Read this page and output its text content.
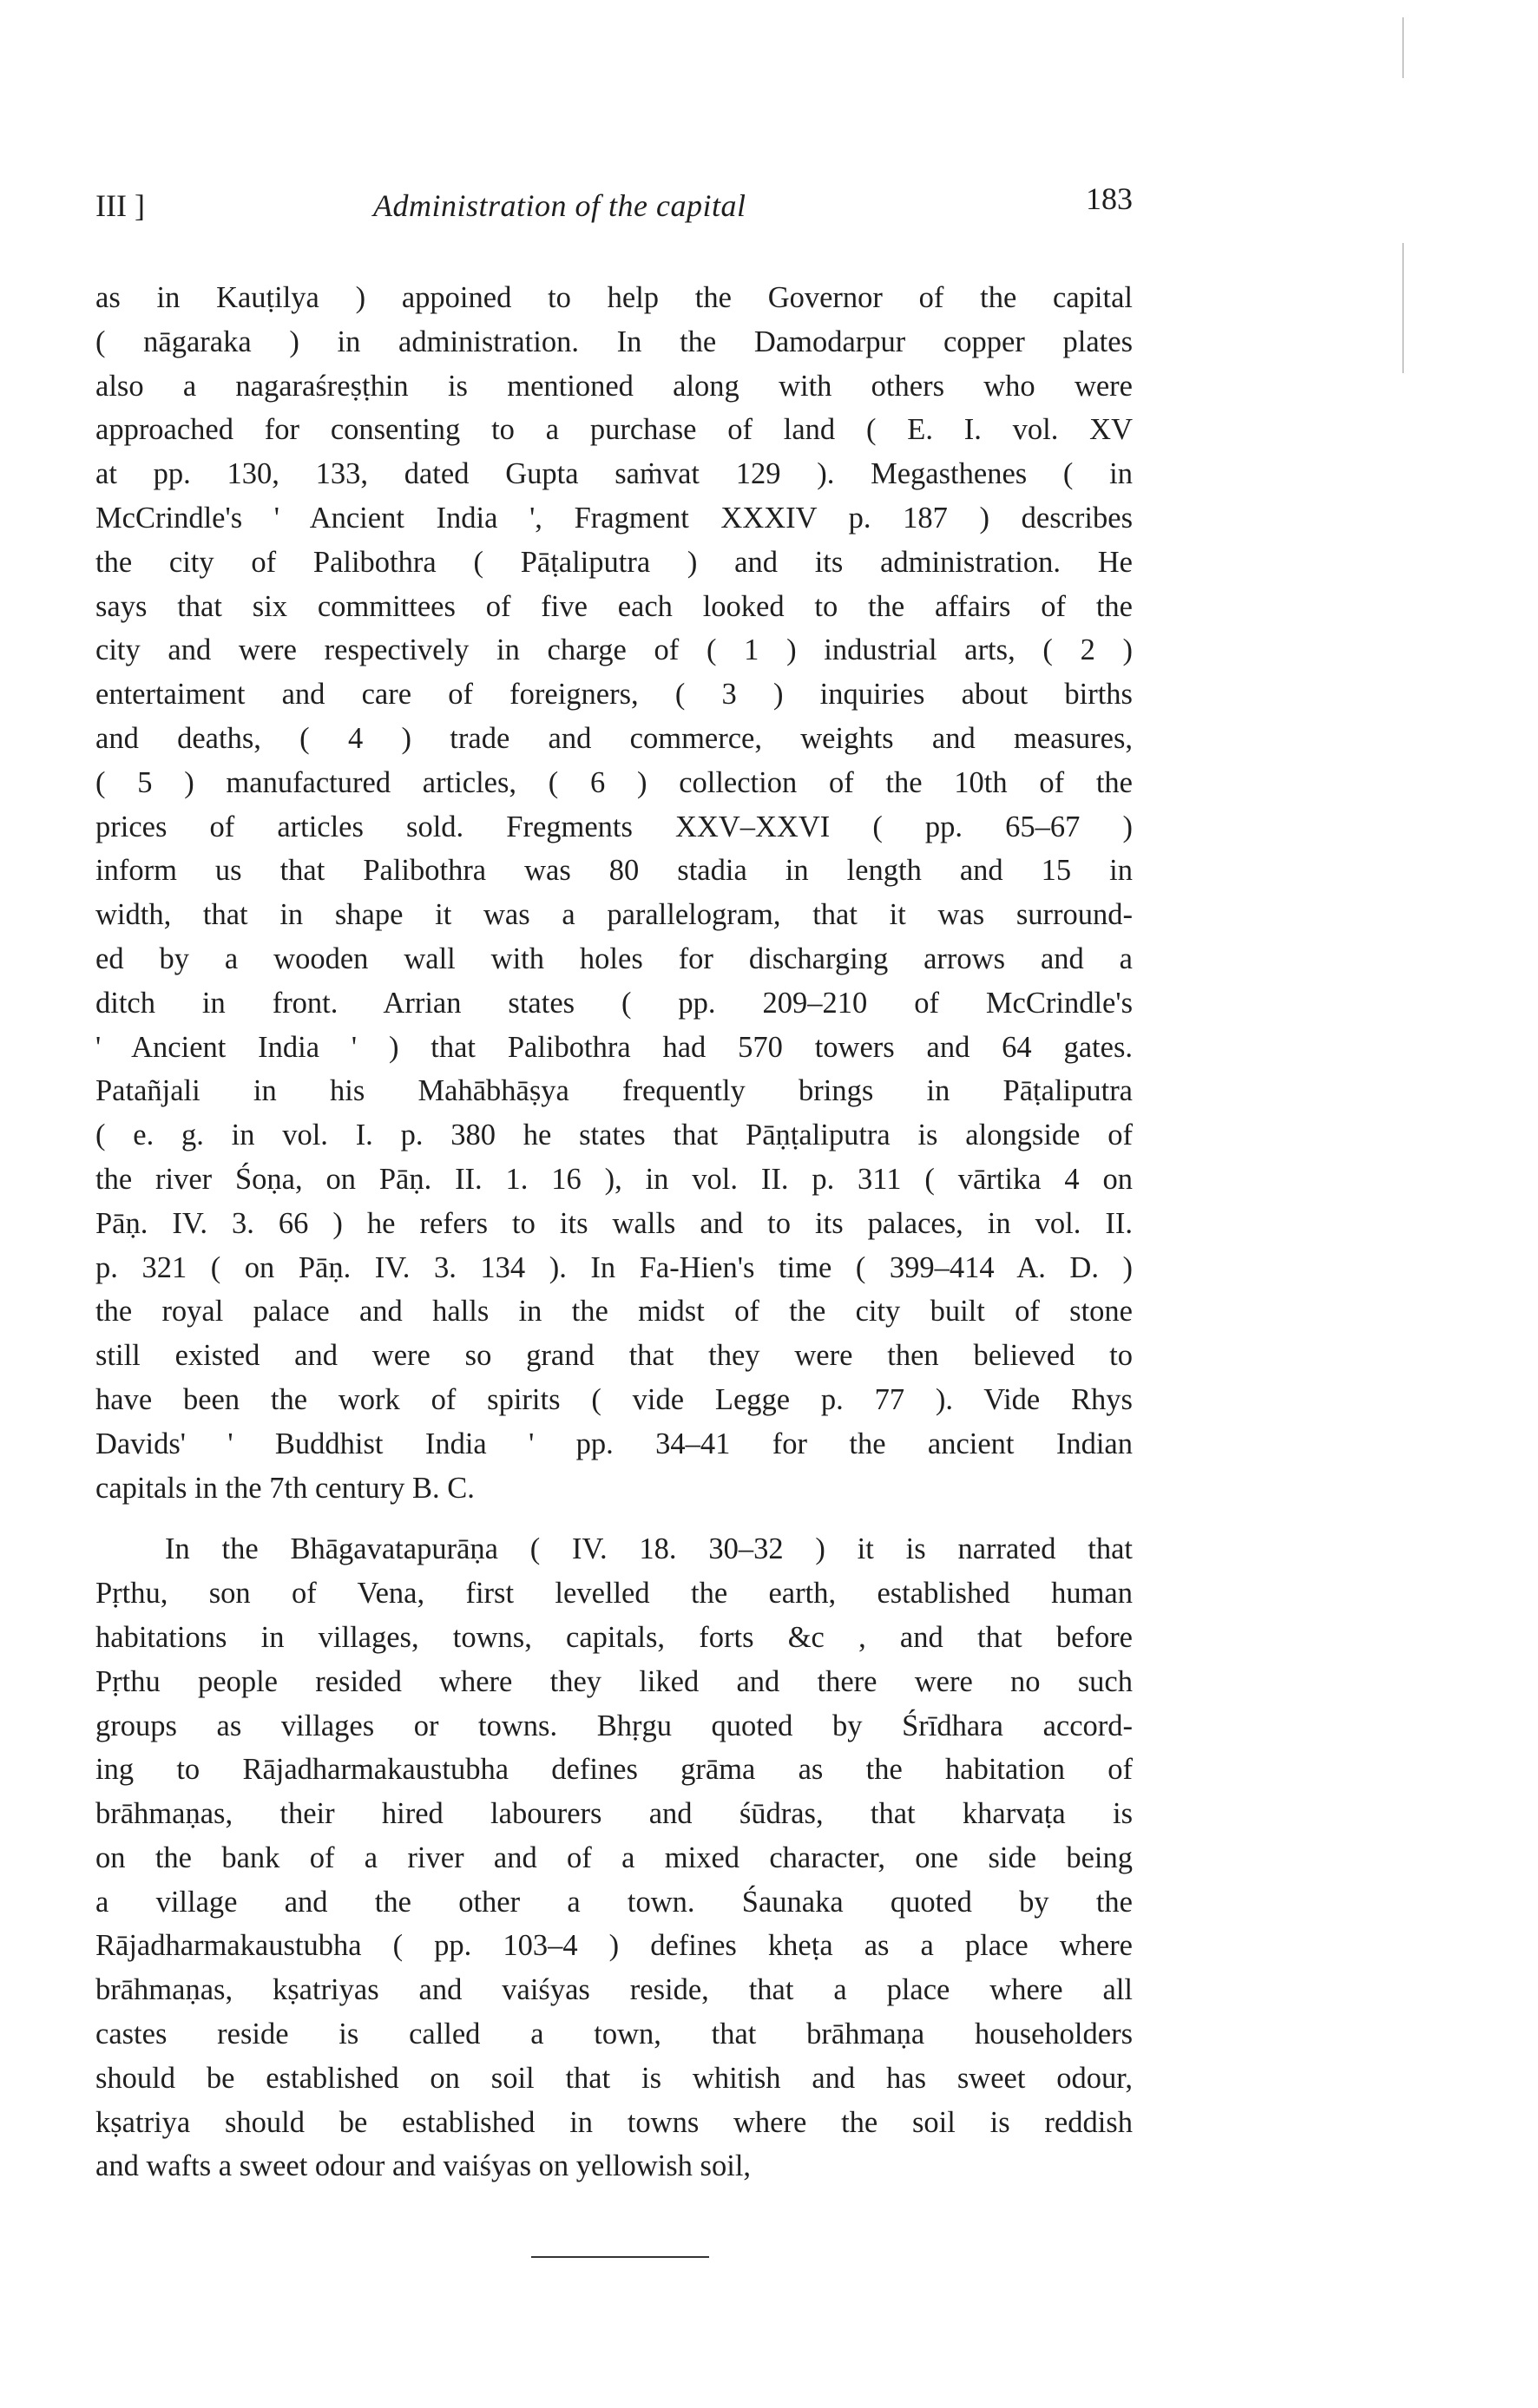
III ]	Administration of the capital	183
as in Kauṭilya ) appoined to help the Governor of the capital
( nāgaraka ) in administration. In the Damodarpur copper plates
also a nagaraśreṣṭhin is mentioned along with others who were
approached for consenting to a purchase of land ( E. I. vol. XV
at pp. 130, 133, dated Gupta saṁvat 129 ). Megasthenes ( in
McCrindle's ' Ancient India ', Fragment XXXIV p. 187 ) describes
the city of Palibothra ( Pāṭaliputra ) and its administration. He
says that six committees of five each looked to the affairs of the
city and were respectively in charge of ( 1 ) industrial arts, ( 2 )
entertaiment and care of foreigners, ( 3 ) inquiries about births
and deaths, ( 4 ) trade and commerce, weights and measures,
( 5 ) manufactured articles, ( 6 ) collection of the 10th of the
prices of articles sold. Fregments XXV–XXVI ( pp. 65–67 )
inform us that Palibothra was 80 stadia in length and 15 in
width, that in shape it was a parallelogram, that it was surround-
ed by a wooden wall with holes for discharging arrows and a
ditch in front. Arrian states ( pp. 209–210 of McCrindle's
' Ancient India ' ) that Palibothra had 570 towers and 64 gates.
Patañjali in his Mahābhāṣya frequently brings in Pāṭaliputra
( e. g. in vol. I. p. 380 he states that Pāṇṭaliputra is alongside of
the river Śoṇa, on Pāṇ. II. 1. 16 ), in vol. II. p. 311 ( vārtika 4 on
Pāṇ. IV. 3. 66 ) he refers to its walls and to its palaces, in vol. II.
p. 321 ( on Pāṇ. IV. 3. 134 ). In Fa-Hien's time ( 399–414 A. D. )
the royal palace and halls in the midst of the city built of stone
still existed and were so grand that they were then believed to
have been the work of spirits ( vide Legge p. 77 ). Vide Rhys
Davids' ' Buddhist India ' pp. 34–41 for the ancient Indian
capitals in the 7th century B. C.
In the Bhāgavatapurāṇa ( IV. 18. 30–32 ) it is narrated that
Pṛthu, son of Vena, first levelled the earth, established human
habitations in villages, towns, capitals, forts &c , and that before
Pṛthu people resided where they liked and there were no such
groups as villages or towns. Bhṛgu quoted by Śrīdhara accord-
ing to Rājadharmakaustubha defines grāma as the habitation of
brāhmaṇas, their hired labourers and śūdras, that kharvaṭa is
on the bank of a river and of a mixed character, one side being
a village and the other a town. Śaunaka quoted by the
Rājadharmakaustubha ( pp. 103–4 ) defines kheṭa as a place where
brāhmaṇas, kṣatriyas and vaiśyas reside, that a place where all
castes reside is called a town, that brāhmaṇa householders
should be established on soil that is whitish and has sweet odour,
kṣatriya should be established in towns where the soil is reddish
and wafts a sweet odour and vaiśyas on yellowish soil,
